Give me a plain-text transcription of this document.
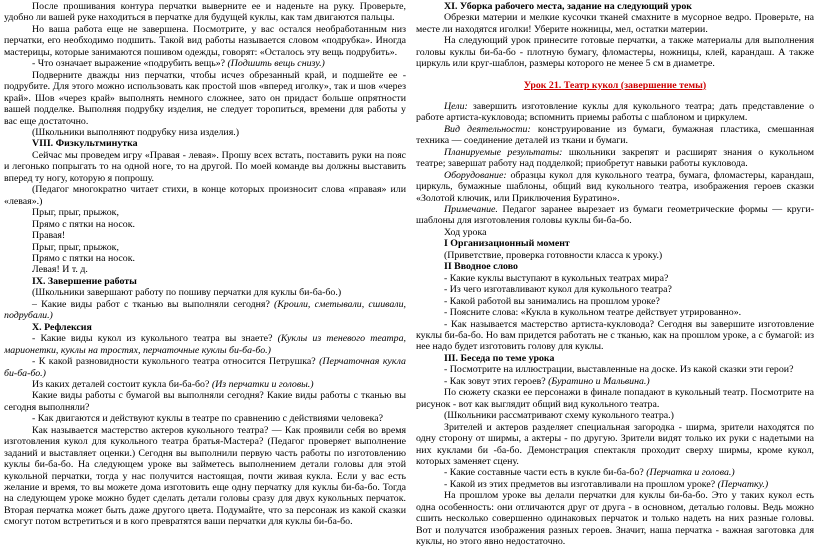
После прошивания контура перчатки выверните ее и наденьте на руку. Проверьте, удобно ли вашей руке находиться в перчатке для будущей куклы, как там двигаются пальцы.

Но ваша работа еще не завершена. Посмотрите, у вас остался необработанным низ перчатки, его необходимо подшить. Такой вид работы называется словом «подрубка». Иногда мастерицы, которые занимаются пошивом одежды, говорят: «Осталось эту вещь подрубить».

- Что означает выражение «подрубить вещь»? (Подшить вещь снизу.)

Подверните дважды низ перчатки, чтобы исчез обрезанный край, и подшейте ее - подрубите. Для этого можно использовать как простой шов «вперед иголку», так и шов «через край». Шов «через край» выполнять немного сложнее, зато он придаст больше опрятности вашей подделке. Выполняя подрубку изделия, не следует торопиться, времени для работы у вас еще достаточно.

(Школьники выполняют подрубку низа изделия.)

VIII. Физкультминутка

Сейчас мы проведем игру «Правая - левая». Прошу всех встать, поставить руки на пояс и легонько попрыгать то на одной ноге, то на другой. По моей команде вы должны выставить вперед ту ногу, которую я попрошу.

(Педагог многократно читает стихи, в конце которых произносит слова «правая» или «левая».)

Прыг, прыг, прыжок,

Прямо с пятки на носок.

Правая!

Прыг, прыг, прыжок,

Прямо с пятки на носок.

Левая! И т. д.

IX. Завершение работы

(Школьники завершают работу по пошиву перчатки для куклы би-ба-бо.)

– Какие виды работ с тканью вы выполняли сегодня? (Кроили, сметывали, сшивали, подрубали.)

X. Рефлексия

- Какие виды кукол из кукольного театра вы знаете? (Куклы из теневого театра, марионетки, куклы на тростях, перчаточные куклы би-ба-бо.)

- К какой разновидности кукольного театра относится Петрушка? (Перчаточная кукла би-ба-бо.)

Из каких деталей состоит кукла би-ба-бо? (Из перчатки и головы.)

Какие виды работы с бумагой вы выполняли сегодня? Какие виды работы с тканью вы сегодня выполняли?

- Как двигаются и действуют куклы в театре по сравнению с действиями человека?

Как называется мастерство актеров кукольного театра? — Как проявили себя во время изготовления кукол для кукольного театра братья-Мастера? (Педагог проверяет выполнение заданий и выставляет оценки.) Сегодня вы выполнили первую часть работы по изготовлению куклы би-ба-бо. На следующем уроке вы займетесь выполнением детали головы для этой кукольной перчатки, тогда у нас получится настоящая, почти живая кукла. Если у вас есть желание и время, то вы можете дома изготовить еще одну перчатку для куклы би-ба-бо. Тогда на следующем уроке можно будет сделать детали головы сразу для двух кукольных перчаток. Вторая перчатка может быть даже другого цвета. Подумайте, что за персонаж из какой сказки смогут потом встретиться и в кого превратятся ваши перчатки для куклы би-ба-бо.

XI. Уборка рабочего места, задание на следующий урок

Обрезки материи и мелкие кусочки тканей смахните в мусорное ведро. Проверьте, на месте ли находятся иголки! Уберите ножницы, мел, остатки материи.

На следующий урок принесите готовые перчатки, а также материалы для выполнения головы куклы би-ба-бо - плотную бумагу, фломастеры, ножницы, клей, карандаш. А также циркуль или круг-шаблон, размеры которого не менее 5 см в диаметре.

Урок 21. Театр кукол (завершение темы)

Цели: завершить изготовление куклы для кукольного театра; дать представление о работе артиста-кукловода; вспомнить приемы работы с шаблоном и циркулем.

Вид деятельности: конструирование из бумаги, бумажная пластика, смешанная техника — соединение деталей из ткани и бумаги.

Планируемые результаты: школьники закрепят и расширят знания о кукольном театре; завершат работу над подделкой; приобретут навыки работы кукловода.

Оборудование: образцы кукол для кукольного театра, бумага, фломастеры, карандаш, циркуль, бумажные шаблоны, общий вид кукольного театра, изображения героев сказки «Золотой ключик, или Приключения Буратино».

Примечание. Педагог заранее вырезает из бумаги геометрические формы — круги-шаблоны для изготовления головы куклы би-ба-бо.

Ход урока

I Организационный момент

(Приветствие, проверка готовности класса к уроку.)

II Вводное слово

- Какие куклы выступают в кукольных театрах мира?

- Из чего изготавливают кукол для кукольного театра?

- Какой работой вы занимались на прошлом уроке?

- Поясните слова: «Кукла в кукольном театре действует утрированно».

- Как называется мастерство артиста-кукловода? Сегодня вы завершите изготовление куклы би-ба-бо. Но вам придется работать не с тканью, как на прошлом уроке, а с бумагой: из нее надо будет изготовить голову для куклы.

III. Беседа по теме урока

- Посмотрите на иллюстрации, выставленные на доске. Из какой сказки эти герои?

- Как зовут этих героев? (Буратино и Мальвина.)

По сюжету сказки ее персонажи в финале попадают в кукольный театр. Посмотрите на рисунок - вот как выглядит общий вид кукольного театра.

(Школьники рассматривают схему кукольного театра.)

Зрителей и актеров разделяет специальная загородка - ширма, зрители находятся по одну сторону от ширмы, а актеры - по другую. Зрители видят только их руки с надетыми на них куклами би -ба-бо. Демонстрация спектакля проходит сверху ширмы, кроме кукол, которых заменяет сцену.

- Какие составные части есть в кукле би-ба-бо? (Перчатка и голова.)

- Какой из этих предметов вы изготавливали на прошлом уроке? (Перчатку.)

На прошлом уроке вы делали перчатки для куклы би-ба-бо. Это у таких кукол есть одна особенность: они отличаются друг от друга - в основном, деталью головы. Ведь можно сшить несколько совершенно одинаковых перчаток и только надеть на них разные головы. Вот и получатся изображения разных героев. Значит, наша перчатка - важная заготовка для куклы, но этого явно недостаточно.
